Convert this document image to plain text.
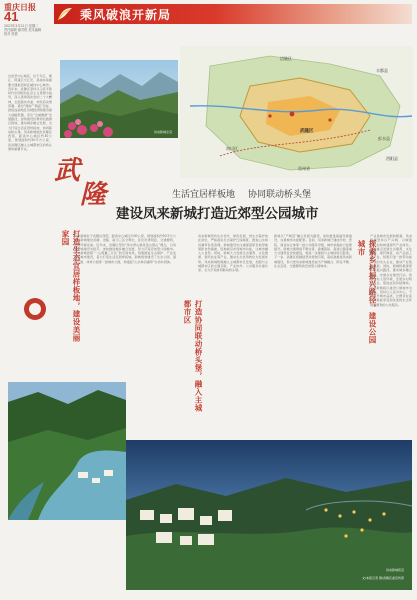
重庆日报
41
2023年3月21日 星期二
责任编辑 谢芳锐 美术编辑
校对 张燕
乘风破浪开新局
自治县中心城区，位于乌江、郁江、阿蓬江交汇处，是渝东南重要交通枢纽和区域性中心城市。近年来，武隆区坚持以习近平新时代中国特色社会主义思想为指导，深入贯彻落实党的二十大精神，全面落实市委、市政府决策部署，紧扣“两地”“两高”目标，抢抓成渝地区双城经济圈建设重大战略机遇，突出“全域旅游”发展路径，加快建设世界知名旅游目的地，推动城乡融合发展，全力打造生活宜居样板地、协同联动桥头堡。凤来新城地处武隆区西部，距离中心城区约30公里，规划面积约50平方公里，是武隆区融入主城都市区的桥头堡和重要节点。
凤来新城全景
涪陵区
武隆区
丰都县
酉阳县
彭水县
南川区
贵州省
武
隆	生活宜居样板地 协同联动桥头堡
建设凤来新城打造近郊型公园城市
打造生态宜居样板地，建设美丽家园	凤来新城位于武隆区西部，距离中心城区约30公里，规划面积约50平方公里。新城地处武隆、涪陵、南川三区交界处，区位优势明显，交通便利，生态环境优美。近年来，武隆区坚持“绿水青山就是金山银山”理念，以凤来新城建设为抓手，加快推进城乡融合发展，努力打造近郊型公园城市。凤来新城按照“一心两翼三片区”的空间布局，统筹推进生态保护、产业发展和城市建设，着力打造生活宜居样板地。新城规划建设了生态公园、湿地公园、体育公园等一批城市公园，构建起“山水林田湖草”生命共同体。
打造协同联动桥头堡，融入主城都市区
凤来新城坚持生态优先、绿色发展，把生态保护放在首位，严格落实生态保护红线制度，推进山水林田湖草系统治理。新城建设中注重保留原有地形地貌和自然植被，因地制宜布局城市功能，让城市融入大自然。同时，新城大力发展生态康养、文化旅游、现代农业等产业，推动生态优势转化为发展优势。凤来新城积极融入主城都市区发展，加强与主城都市区的交通互联、产业协作、公共服务共建共享，全力打造协同联动桥头堡。
新城以“产城景”融合发展为路径，加快推进基础设施建设，完善城市功能配套。目前，凤来新城已建成学校、医院、商业综合体等一批公共服务设施，城市承载能力显著提升。新城交通网络不断完善，渝湘高铁、高速公路等重大交通项目加快推进，将进一步缩短与主城的时空距离。下一步，武隆区将继续坚持规划引领，高标准推进凤来新城建设，努力把凤来新城建设成为产城融合、职住平衡、生态宜居、交通便利的近郊型公园城市。	探索乡村振兴路径，建设公园城市
产业是城市发展的根基。凤来新城坚持以产兴城、以城促产，加快构建现代产业体系。新城重点发展生态康养、文化旅游、现代物流、农产品加工等产业，积极引进一批带动能力强的龙头企业，推动产业集群发展。同时，新城积极探索乡村振兴路径，推动城乡融合发展，实施乡村建设行动，改善农村人居环境，发展乡村特色产业，促进农民持续增收。凤来新城将以建设公园城市为目标，坚持以人民为中心，不断提升城市品质，让群众在家门口就能享受到优美的生态环境和便利的公共服务。
凤来新城夜景
文/本报记者 图/武隆区委宣传部
